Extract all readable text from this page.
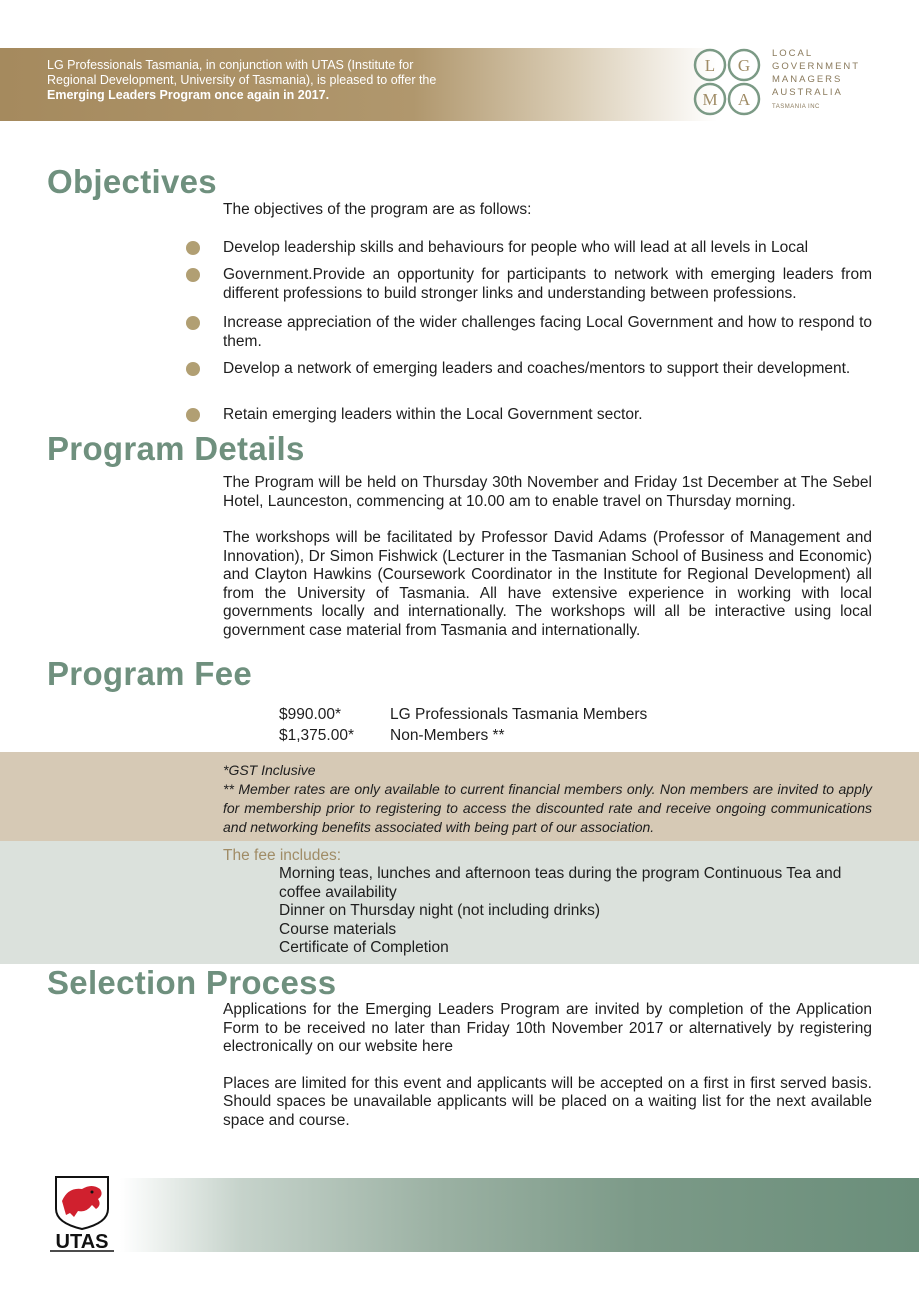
LG Professionals Tasmania, in conjunction with UTAS (Institute for
Regional Development, University of Tasmania), is pleased to offer the
Emerging Leaders Program once again in 2017.
L G
M A
LOCAL
GOVERNMENT
MANAGERS
AUSTRALIA
TASMANIA INC
Objectives
The objectives of the program are as follows:
Develop leadership skills and behaviours for people who will lead at all levels in Local
Government.Provide an opportunity for participants to network with emerging leaders from different professions to build stronger links and understanding between professions.
Increase appreciation of the wider challenges facing Local Government and how to respond to them.
Develop a network of emerging leaders and coaches/mentors to support their development.
Retain emerging leaders within the Local Government sector.
Program Details

The Program will be held on Thursday 30th November and Friday 1st December at The Sebel Hotel, Launceston, commencing at 10.00 am to enable travel on Thursday morning.

The workshops will be facilitated by Professor David Adams (Professor of Management and Innovation), Dr Simon Fishwick (Lecturer in the Tasmanian School of Business and Economic) and Clayton Hawkins (Coursework Coordinator in the Institute for Regional Development) all from the University of Tasmania. All have extensive experience in working with local governments locally and internationally. The workshops will all be interactive using local government case material from Tasmania and internationally.

Program Fee
$990.00*	LG Professionals Tasmania Members
$1,375.00* Non-Members **
*GST Inclusive
** Member rates are only available to current financial members only. Non members are invited to apply for membership prior to registering to access the discounted rate and receive ongoing communications and networking benefits associated with being part of our association.
The fee includes:
Morning teas, lunches and afternoon teas during the program Continuous Tea and coffee availability
Dinner on Thursday night (not including drinks)
Course materials
Certificate of Completion
Selection Process

Applications for the Emerging Leaders Program are invited by completion of the Application Form to be received no later than Friday 10th November 2017 or alternatively by registering electronically on our website here

Places are limited for this event and applicants will be accepted on a first in first served basis. Should spaces be unavailable applicants will be placed on a waiting list for the next available space and course.

UTAS
